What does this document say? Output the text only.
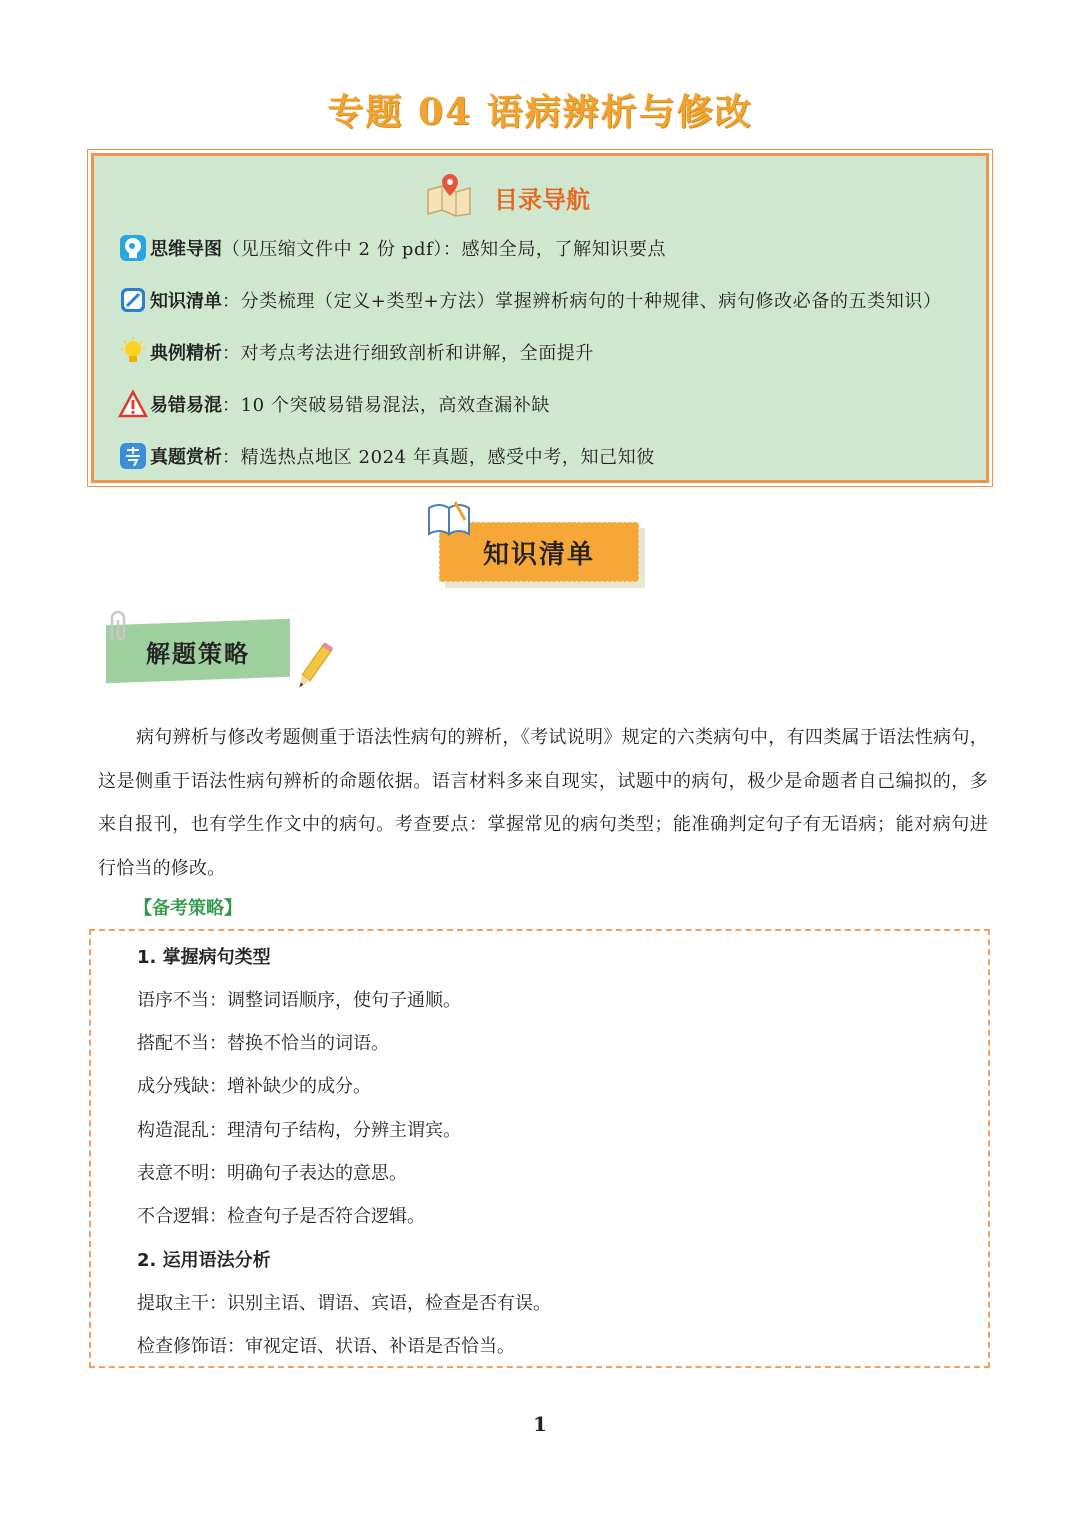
专题 04 语病辨析与修改
目录导航
思维导图 （见压缩文件中 2 份 pdf）：感知全局，了解知识要点
知识清单 ：分类梳理（定义+类型+方法）掌握辨析病句的十种规律、病句修改必备的五类知识）
典例精析 ：对考点考法进行细致剖析和讲解，全面提升
易错易混 ：10 个突破易错易混法，高效查漏补缺
真题赏析 ：精选热点地区 2024 年真题，感受中考，知己知彼
知识清单
解题策略
病句辨析与修改考题侧重于语法性病句的辨析，《考试说明》规定的六类病句中，有四类属于语法性病句，这是侧重于语法性病句辨析的命题依据。语言材料多来自现实，试题中的病句，极少是命题者自己编拟的，多来自报刊，也有学生作文中的病句。考查要点：掌握常见的病句类型；能准确判定句子有无语病；能对病句进行恰当的修改。
【备考策略】
1. 掌握病句类型
语序不当：调整词语顺序，使句子通顺。
搭配不当：替换不恰当的词语。
成分残缺：增补缺少的成分。
构造混乱：理清句子结构，分辨主谓宾。
表意不明：明确句子表达的意思。
不合逻辑：检查句子是否符合逻辑。
2. 运用语法分析
提取主干：识别主语、谓语、宾语，检查是否有误。
检查修饰语：审视定语、状语、补语是否恰当。
1
